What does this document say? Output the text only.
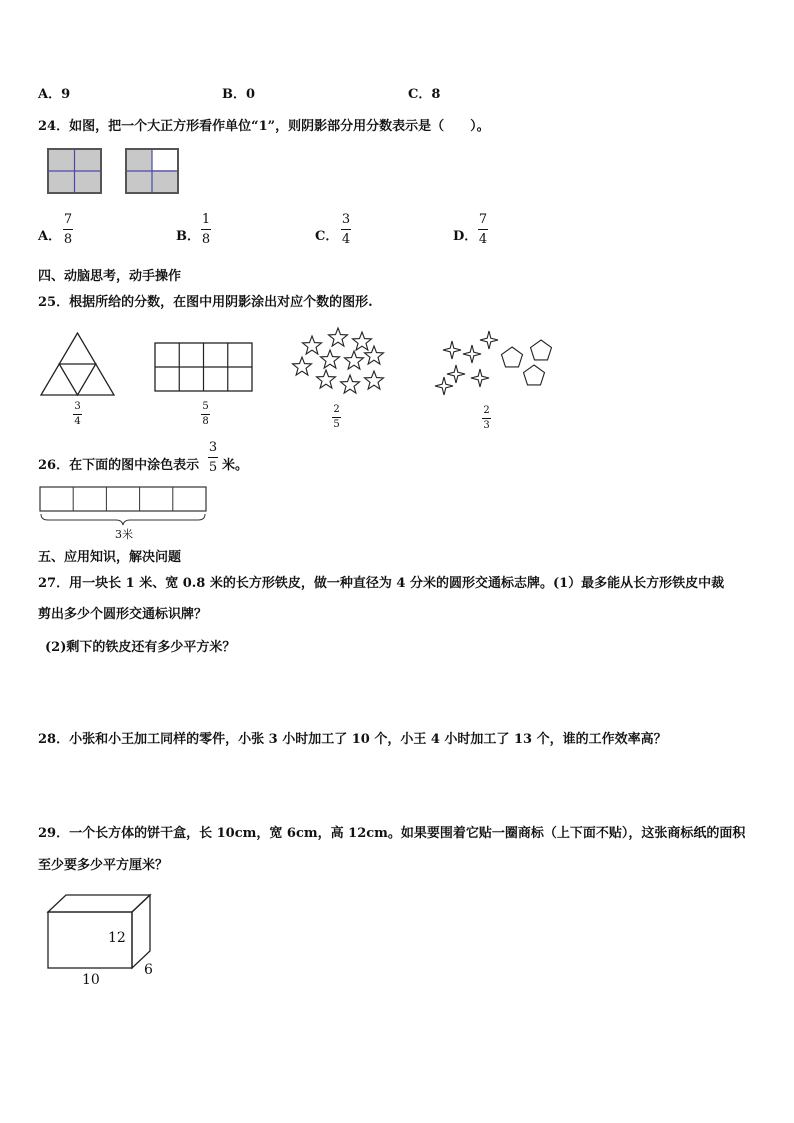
A．9	B．0	C．8
24．如图，把一个大正方形看作单位“1”，则阴影部分用分数表示是（　　）。
A．
7
8	B．
1
8	C．
3
4	D．
7
4
四、动脑思考，动手操作
25．根据所给的分数，在图中用阴影涂出对应个数的图形.
3
4
5
8
2
5
2
3
26．在下面的图中涂色表示
3
5 米。
3米
五、应用知识，解决问题
27．用一块长 1 米、宽 0.8 米的长方形铁皮，做一种直径为 4 分米的圆形交通标志牌。(1）最多能从长方形铁皮中裁
剪出多少个圆形交通标识牌？
(2)剩下的铁皮还有多少平方米？
28．小张和小王加工同样的零件，小张 3 小时加工了 10 个，小王 4 小时加工了 13 个，谁的工作效率高？
29．一个长方体的饼干盒，长 10cm，宽 6cm，高 12cm。如果要围着它贴一圈商标（上下面不贴），这张商标纸的面积
至少要多少平方厘米？
12
10
6
